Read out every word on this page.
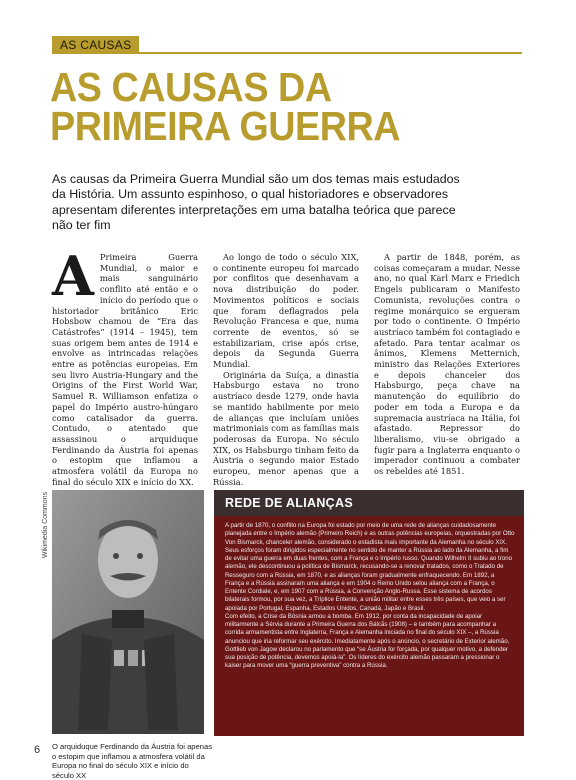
AS CAUSAS
AS CAUSAS DA
PRIMEIRA GUERRA

As causas da Primeira Guerra Mundial são um dos temas mais estudados da História. Um assunto espinhoso, o qual historiadores e observadores apresentam diferentes interpretações em uma batalha teórica que parece não ter fim

A Primeira Guerra Mundial, o maior e mais sanguinário conflito até então e o início do período que o historiador britânico Eric Hobsbow chamou de “Era das Catástrofes” (1914 – 1945), tem suas origem bem antes de 1914 e envolve as intrincadas relações entre as potências europeias. Em seu livro Austria-Hungary and the Origins of the First World War, Samuel R. Williamson enfatiza o papel do Império austro-húngaro como catalisador da guerra. Contudo, o atentado que assassinou o arquiduque Ferdinando da Áustria foi apenas o estopim que inflamou a atmosfera volátil da Europa no final do século XIX e início do XX.

Ao longo de todo o século XIX, o continente europeu foi marcado por conflitos que desenhavam a nova distribuição do poder. Movimentos políticos e sociais que foram deflagrados pela Revolução Francesa e que, numa corrente de eventos, só se estabilizariam, crise após crise, depois da Segunda Guerra Mundial.

Originária da Suíça, a dinastia Habsburgo estava no trono austríaco desde 1279, onde havia se mantido habilmente por meio de alianças que incluíam uniões matrimoniais com as famílias mais poderosas da Europa. No século XIX, os Habsburgo tinham feito da Áustria o segundo maior Estado europeu, menor apenas que a Rússia.

A partir de 1848, porém, as coisas começaram a mudar. Nesse ano, no qual Karl Marx e Friedich Engels publicaram o Manifesto Comunista, revoluções contra o regime monárquico se ergueram por todo o continente. O Império austríaco também foi contagiado e afetado. Para tentar acalmar os ânimos, Klemens Metternich, ministro das Relações Exteriores e depois chanceler dos Habsburgo, peça chave na manutenção do equilíbrio do poder em toda a Europa e da supremacia austríaca na Itália, foi afastado. Repressor do liberalismo, viu-se obrigado a fugir para a Inglaterra enquanto o imperador continuou a combater os rebeldes até 1851.

Wikimedia Commons

O arquiduque Ferdinando da Áustria foi apenas o estopim que inflamou a atmosfera volátil da Europa no final do século XIX e início do século XX

REDE DE ALIANÇAS

A partir de 1870, o conflito na Europa foi estado por meio de uma rede de alianças cuidadosamente planejada entre o Império alemão (Primeiro Reich) e as outras potências europeias, orquestradas por Otto Von Bismarck, chanceler alemão, considerado o estadista mais importante da Alemanha no século XIX. Seus esforços foram dirigidos especialmente no sentido de manter a Rússia ao lado da Alemanha, a fim de evitar uma guerra em duas frentes, com a França e o Império russo. Quando Wilhelm II subiu ao trono alemão, ele descontinuou a política de Bismarck, recusando-se a renovar tratados, como o Tratado de Resseguro com a Rússia, em 1870, e as alianças foram gradualmente enfraquecendo. Em 1892, a França e a Rússia assinaram uma aliança e em 1904 o Reino Unido selou aliança com a França, o Entente Cordiale, e, em 1907 com a Rússia, a Convenção Anglo-Russa. Esse sistema de acordos bilaterais formou, por sua vez, a Tríplice Entente, a união militar entre esses três países, que veio a ser apoiada por Portugal, Espanha, Estados Unidos, Canadá, Japão e Brasil.

Com efeito, a Crise da Bósnia armou a bomba. Em 1912, por conta da incapacidade de apoiar militarmente a Sérvia durante a Primeira Guerra dos Bálcãs (1908) – e também para acompanhar a corrida armamentista entre Inglaterra, França e Alemanha iniciada no final do século XIX –, a Rússia anunciou que iria reformar seu exército. Imediatamente após o anúncio, o secretário de Exterior alemão, Gottlieb von Jagow declarou no parlamento que “se Áustria for forçada, por qualquer motivo, a defender sua posição de potência, devemos apoiá-la”. Os líderes do exército alemão passaram a pressionar o kaiser para mover uma “guerra preventiva” contra a Rússia.

6
